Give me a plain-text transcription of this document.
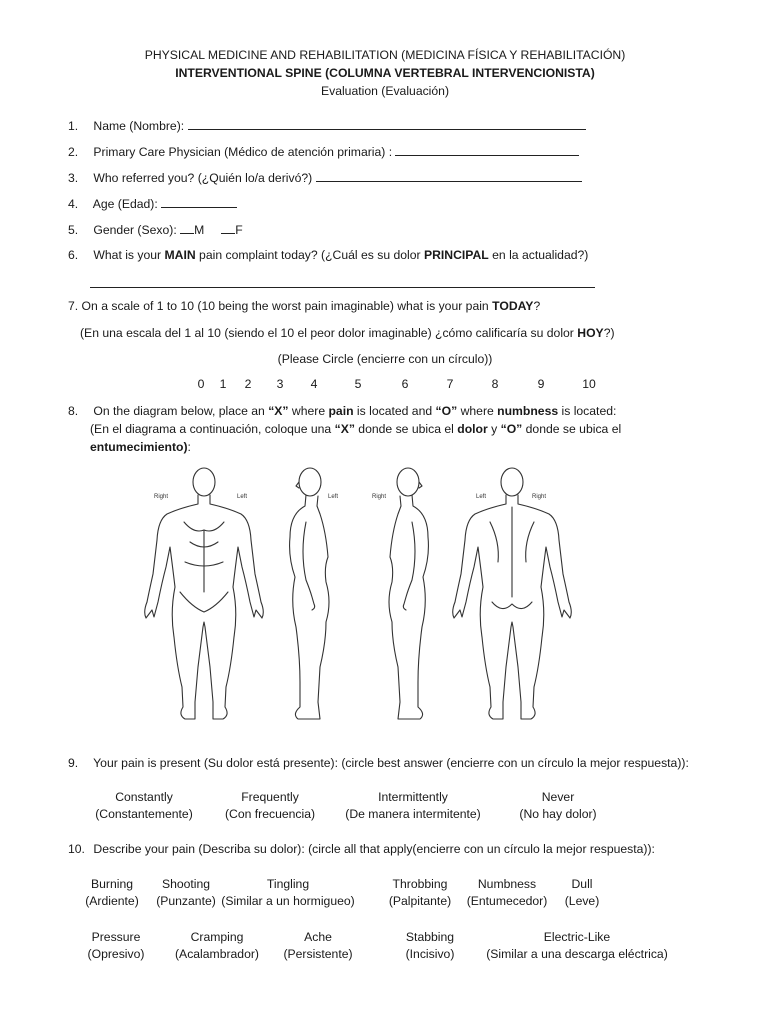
PHYSICAL MEDICINE AND REHABILITATION (MEDICINA FÍSICA Y REHABILITACIÓN)
INTERVENTIONAL SPINE (COLUMNA VERTEBRAL INTERVENCIONISTA)
Evaluation (Evaluación)
1. Name (Nombre):
2. Primary Care Physician (Médico de atención primaria) :
3. Who referred you? (¿Quién lo/a derivó?)
4. Age (Edad):
5. Gender (Sexo): M	F
6. What is your MAIN pain complaint today? (¿Cuál es su dolor PRINCIPAL en la actualidad?)
7. On a scale of 1 to 10 (10 being the worst pain imaginable) what is your pain TODAY?
(En una escala del 1 al 10 (siendo el 10 el peor dolor imaginable) ¿cómo calificaría su dolor HOY?)
(Please Circle (encierre con un círculo))
0 1 2 3 4	5	6	7	8	9	10
8. On the diagram below, place an “X” where pain is located and “O” where numbness is located:
(En el diagrama a continuación, coloque una “X” donde se ubica el dolor y “O” donde se ubica el
entumecimiento):
Right	Left	Left	Right	Left	Right
9. Your pain is present (Su dolor está presente): (circle best answer (encierre con un círculo la mejor respuesta)):
Constantly
(Constantemente)
Frequently
(Con frecuencia)
Intermittently
(De manera intermitente)
Never
(No hay dolor)
10. Describe your pain (Describa su dolor): (circle all that apply(encierre con un círculo la mejor respuesta)):
Burning
(Ardiente)
Shooting
(Punzante)
Tingling
(Similar a un hormigueo)
Throbbing
(Palpitante)
Numbness
(Entumecedor)
Dull
(Leve)
Pressure
(Opresivo)
Cramping
(Acalambrador)
Ache
(Persistente)
Stabbing
(Incisivo)
Electric-Like
(Similar a una descarga eléctrica)
